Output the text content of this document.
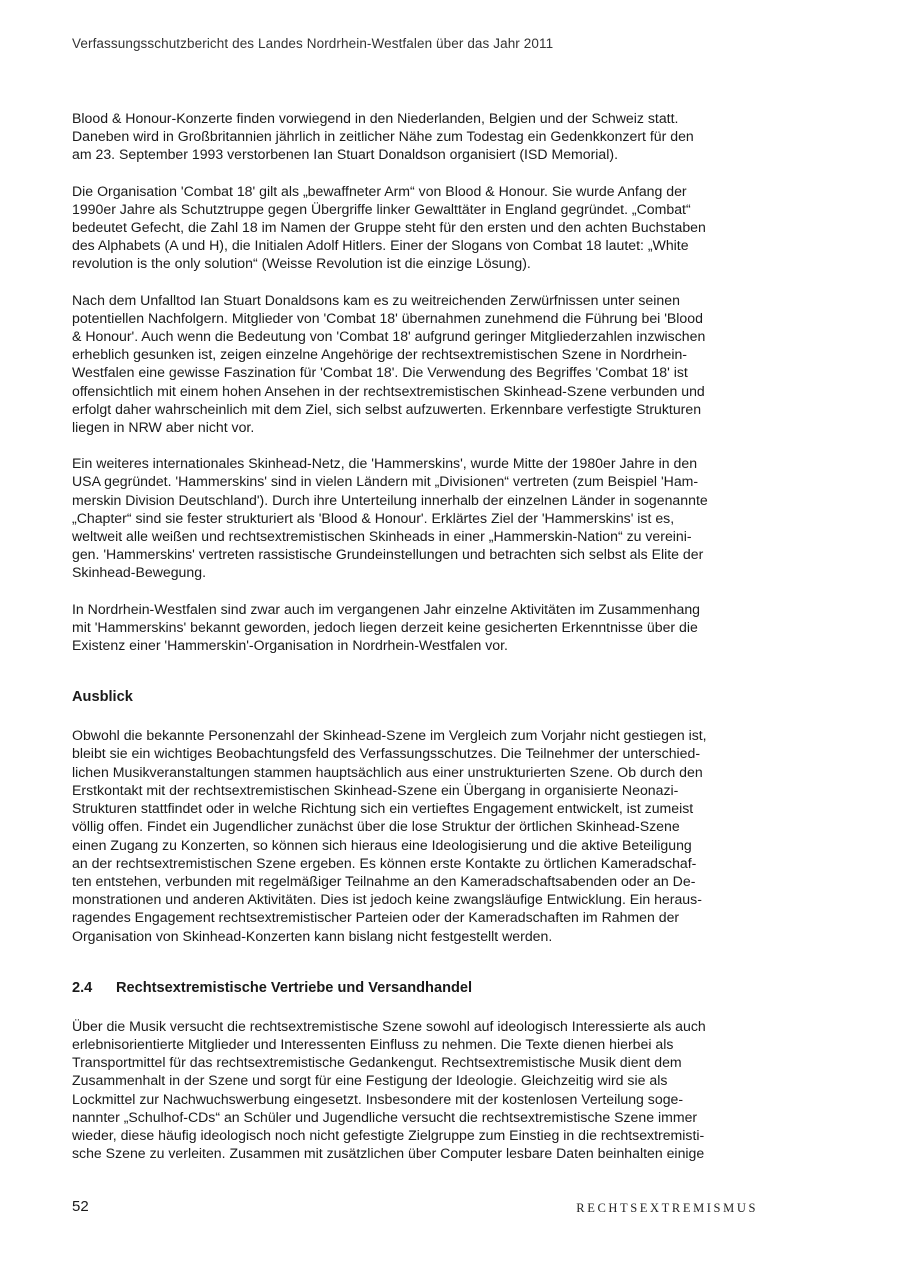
Verfassungsschutzbericht des Landes Nordrhein-Westfalen über das Jahr 2011

Blood & Honour-Konzerte finden vorwiegend in den Niederlanden, Belgien und der Schweiz statt.
Daneben wird in Großbritannien jährlich in zeitlicher Nähe zum Todestag ein Gedenkkonzert für den
am 23. September 1993 verstorbenen Ian Stuart Donaldson organisiert (ISD Memorial).

Die Organisation 'Combat 18' gilt als „bewaffneter Arm“ von Blood & Honour. Sie wurde Anfang der
1990er Jahre als Schutztruppe gegen Übergriffe linker Gewalttäter in England gegründet. „Combat“
bedeutet Gefecht, die Zahl 18 im Namen der Gruppe steht für den ersten und den achten Buchstaben
des Alphabets (A und H), die Initialen Adolf Hitlers. Einer der Slogans von Combat 18 lautet: „White
revolution is the only solution“ (Weisse Revolution ist die einzige Lösung).

Nach dem Unfalltod Ian Stuart Donaldsons kam es zu weitreichenden Zerwürfnissen unter seinen
potentiellen Nachfolgern. Mitglieder von 'Combat 18' übernahmen zunehmend die Führung bei 'Blood
& Honour'. Auch wenn die Bedeutung von 'Combat 18' aufgrund geringer Mitgliederzahlen inzwischen
erheblich gesunken ist, zeigen einzelne Angehörige der rechtsextremistischen Szene in Nordrhein-
Westfalen eine gewisse Faszination für 'Combat 18'. Die Verwendung des Begriffes 'Combat 18' ist
offensichtlich mit einem hohen Ansehen in der rechtsextremistischen Skinhead-Szene verbunden und
erfolgt daher wahrscheinlich mit dem Ziel, sich selbst aufzuwerten. Erkennbare verfestigte Strukturen
liegen in NRW aber nicht vor.

Ein weiteres internationales Skinhead-Netz, die 'Hammerskins', wurde Mitte der 1980er Jahre in den
USA gegründet. 'Hammerskins' sind in vielen Ländern mit „Divisionen“ vertreten (zum Beispiel 'Ham-
merskin Division Deutschland'). Durch ihre Unterteilung innerhalb der einzelnen Länder in sogenannte
„Chapter“ sind sie fester strukturiert als 'Blood & Honour'. Erklärtes Ziel der 'Hammerskins' ist es,
weltweit alle weißen und rechtsextremistischen Skinheads in einer „Hammerskin-Nation“ zu vereini-
gen. 'Hammerskins' vertreten rassistische Grundeinstellungen und betrachten sich selbst als Elite der
Skinhead-Bewegung.

In Nordrhein-Westfalen sind zwar auch im vergangenen Jahr einzelne Aktivitäten im Zusammenhang
mit 'Hammerskins' bekannt geworden, jedoch liegen derzeit keine gesicherten Erkenntnisse über die
Existenz einer 'Hammerskin'-Organisation in Nordrhein-Westfalen vor.

Ausblick

Obwohl die bekannte Personenzahl der Skinhead-Szene im Vergleich zum Vorjahr nicht gestiegen ist,
bleibt sie ein wichtiges Beobachtungsfeld des Verfassungsschutzes. Die Teilnehmer der unterschied-
lichen Musikveranstaltungen stammen hauptsächlich aus einer unstrukturierten Szene. Ob durch den
Erstkontakt mit der rechtsextremistischen Skinhead-Szene ein Übergang in organisierte Neonazi-
Strukturen stattfindet oder in welche Richtung sich ein vertieftes Engagement entwickelt, ist zumeist
völlig offen. Findet ein Jugendlicher zunächst über die lose Struktur der örtlichen Skinhead-Szene
einen Zugang zu Konzerten, so können sich hieraus eine Ideologisierung und die aktive Beteiligung
an der rechtsextremistischen Szene ergeben. Es können erste Kontakte zu örtlichen Kameradschaf-
ten entstehen, verbunden mit regelmäßiger Teilnahme an den Kameradschaftsabenden oder an De-
monstrationen und anderen Aktivitäten. Dies ist jedoch keine zwangsläufige Entwicklung. Ein heraus-
ragendes Engagement rechtsextremistischer Parteien oder der Kameradschaften im Rahmen der
Organisation von Skinhead-Konzerten kann bislang nicht festgestellt werden.

2.4 Rechtsextremistische Vertriebe und Versandhandel

Über die Musik versucht die rechtsextremistische Szene sowohl auf ideologisch Interessierte als auch
erlebnisorientierte Mitglieder und Interessenten Einfluss zu nehmen. Die Texte dienen hierbei als
Transportmittel für das rechtsextremistische Gedankengut. Rechtsextremistische Musik dient dem
Zusammenhalt in der Szene und sorgt für eine Festigung der Ideologie. Gleichzeitig wird sie als
Lockmittel zur Nachwuchswerbung eingesetzt. Insbesondere mit der kostenlosen Verteilung soge-
nannter „Schulhof-CDs“ an Schüler und Jugendliche versucht die rechtsextremistische Szene immer
wieder, diese häufig ideologisch noch nicht gefestigte Zielgruppe zum Einstieg in die rechtsextremisti-
sche Szene zu verleiten. Zusammen mit zusätzlichen über Computer lesbare Daten beinhalten einige

52	RECHTSEXTREMISMUS
